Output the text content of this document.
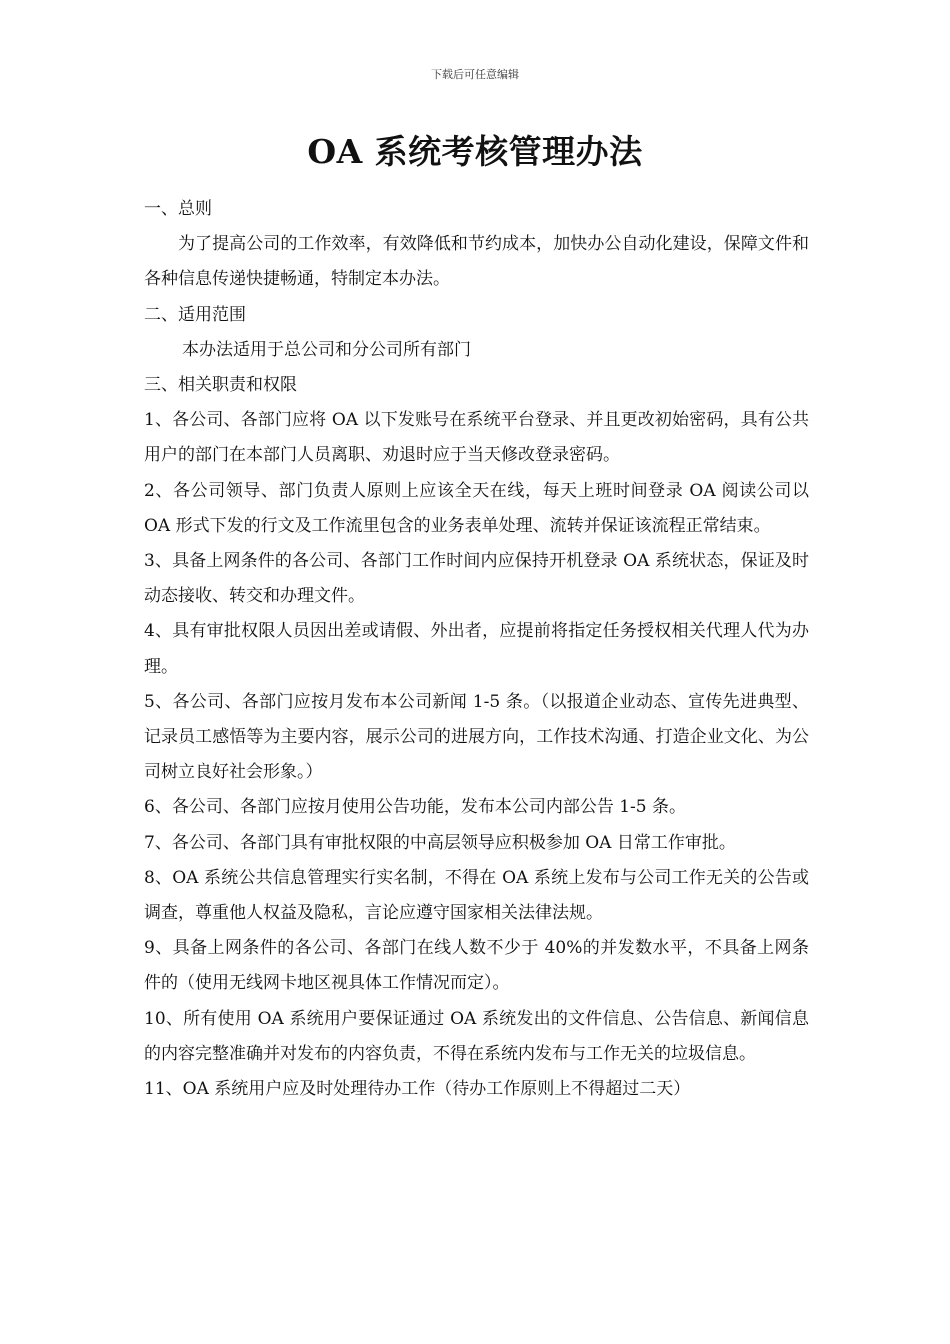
下载后可任意编辑
OA 系统考核管理办法

一、总则

为了提高公司的工作效率，有效降低和节约成本，加快办公自动化建设，保障文件和各种信息传递快捷畅通，特制定本办法。

二、适用范围

本办法适用于总公司和分公司所有部门

三、相关职责和权限

1、各公司、各部门应将 OA 以下发账号在系统平台登录、并且更改初始密码，具有公共用户的部门在本部门人员离职、劝退时应于当天修改登录密码。

2、各公司领导、部门负责人原则上应该全天在线，每天上班时间登录 OA 阅读公司以 OA 形式下发的行文及工作流里包含的业务表单处理、流转并保证该流程正常结束。

3、具备上网条件的各公司、各部门工作时间内应保持开机登录 OA 系统状态，保证及时动态接收、转交和办理文件。

4、具有审批权限人员因出差或请假、外出者，应提前将指定任务授权相关代理人代为办理。

5、各公司、各部门应按月发布本公司新闻 1-5 条。（以报道企业动态、宣传先进典型、记录员工感悟等为主要内容，展示公司的进展方向，工作技术沟通、打造企业文化、为公司树立良好社会形象。）

6、各公司、各部门应按月使用公告功能，发布本公司内部公告 1-5 条。

7、各公司、各部门具有审批权限的中高层领导应积极参加 OA 日常工作审批。

8、OA 系统公共信息管理实行实名制，不得在 OA 系统上发布与公司工作无关的公告或调查，尊重他人权益及隐私，言论应遵守国家相关法律法规。

9、具备上网条件的各公司、各部门在线人数不少于 40%的并发数水平，不具备上网条件的（使用无线网卡地区视具体工作情况而定）。

10、所有使用 OA 系统用户要保证通过 OA 系统发出的文件信息、公告信息、新闻信息的内容完整准确并对发布的内容负责，不得在系统内发布与工作无关的垃圾信息。

11、OA 系统用户应及时处理待办工作（待办工作原则上不得超过二天）
